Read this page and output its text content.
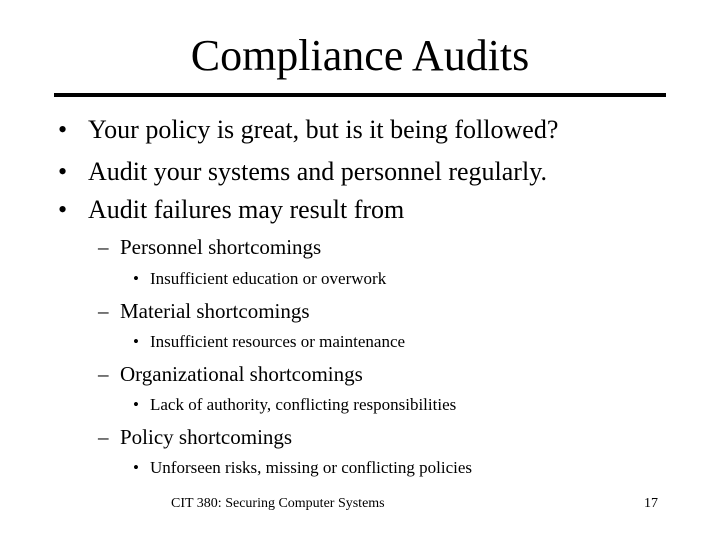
Compliance Audits
• Your policy is great, but is it being followed?
• Audit your systems and personnel regularly.
• Audit failures may result from
– Personnel shortcomings
• Insufficient education or overwork
– Material shortcomings
• Insufficient resources or maintenance
– Organizational shortcomings
• Lack of authority, conflicting responsibilities
– Policy shortcomings
• Unforseen risks, missing or conflicting policies
CIT 380: Securing Computer Systems	17
